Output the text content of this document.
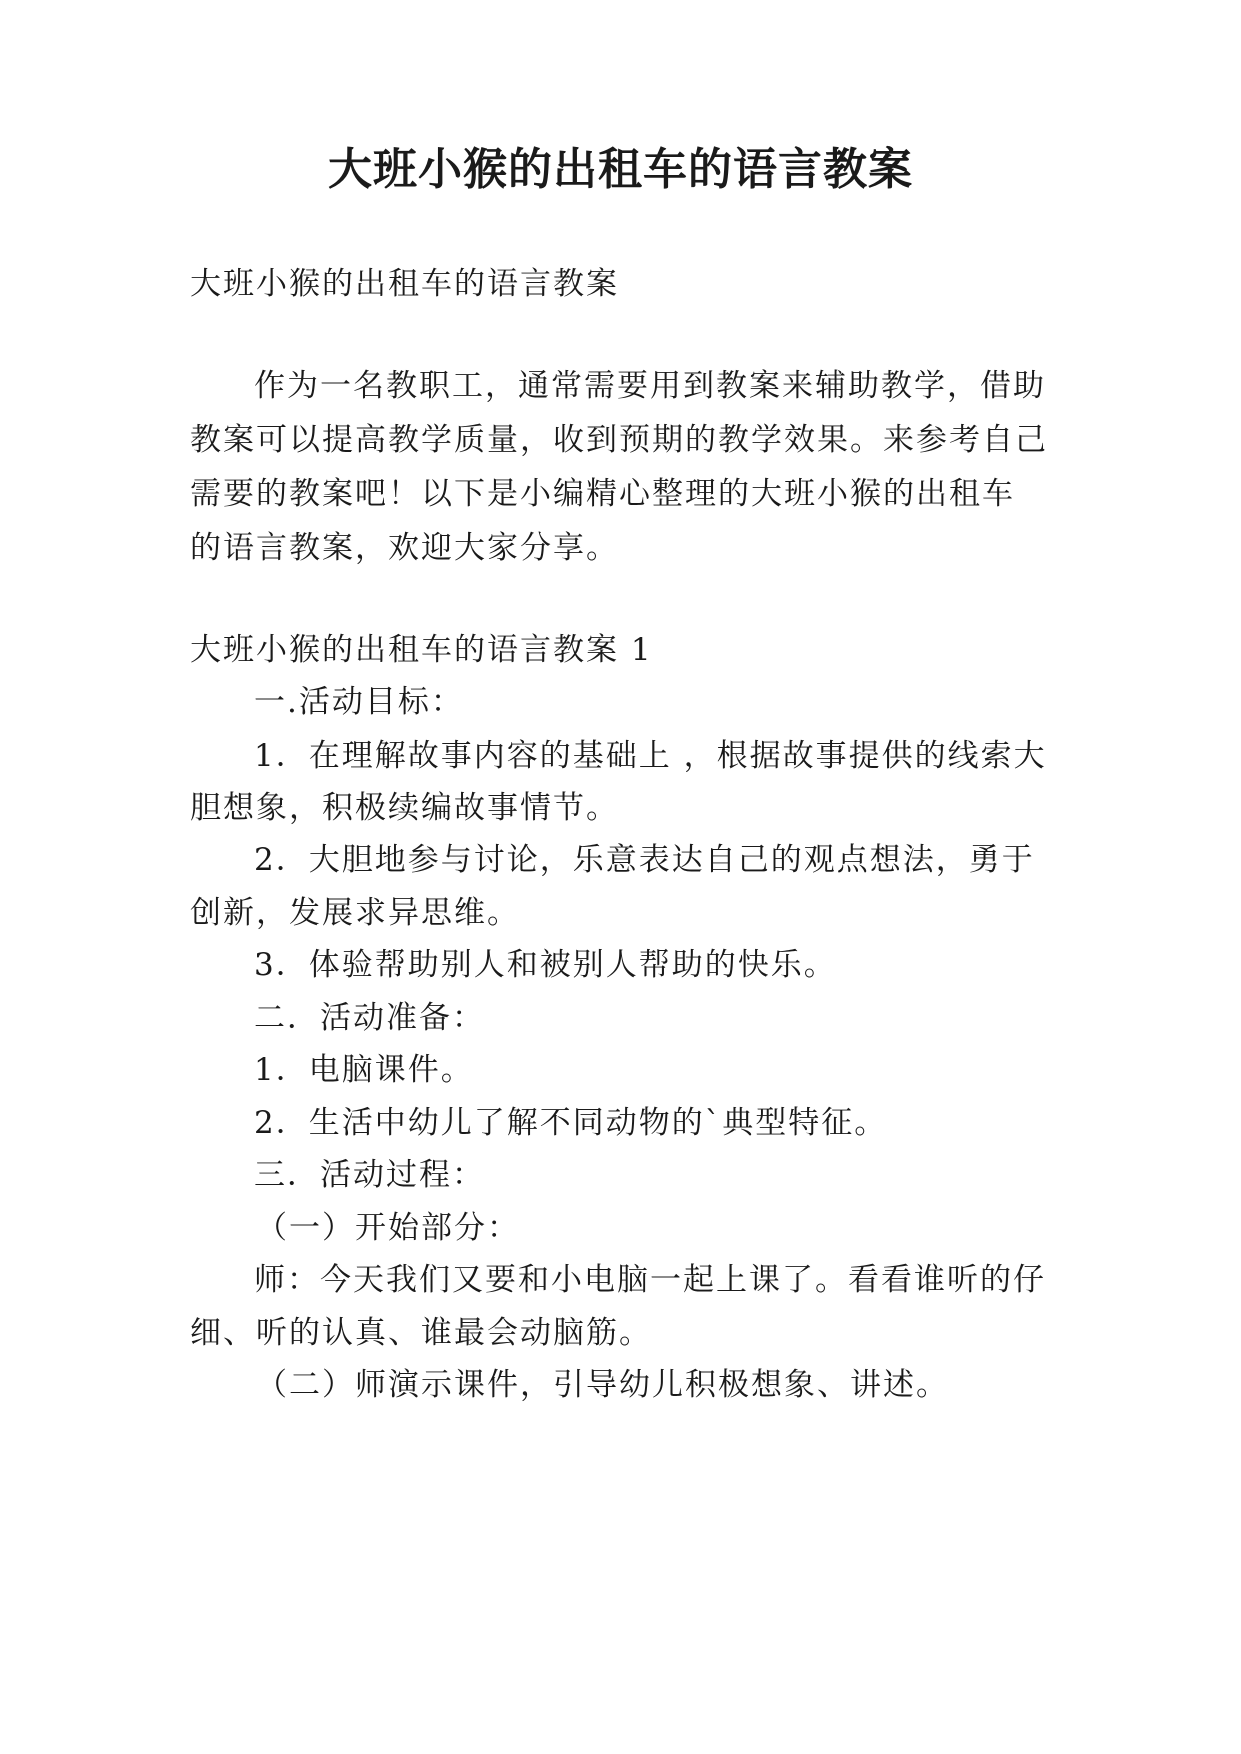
大班小猴的出租车的语言教案
大班小猴的出租车的语言教案
作为一名教职工，通常需要用到教案来辅助教学，借助
教案可以提高教学质量，收到预期的教学效果。来参考自己
需要的教案吧！以下是小编精心整理的大班小猴的出租车
的语言教案，欢迎大家分享。
大班小猴的出租车的语言教案 1
一.活动目标：
1．在理解故事内容的基础上 ，根据故事提供的线索大
胆想象，积极续编故事情节。
2．大胆地参与讨论，乐意表达自己的观点想法，勇于
创新，发展求异思维。
3．体验帮助别人和被别人帮助的快乐。
二．活动准备：
1．电脑课件。
2．生活中幼儿了解不同动物的`典型特征。
三．活动过程：
（一）开始部分：
师：今天我们又要和小电脑一起上课了。看看谁听的仔
细、听的认真、谁最会动脑筋。
（二）师演示课件，引导幼儿积极想象、讲述。
